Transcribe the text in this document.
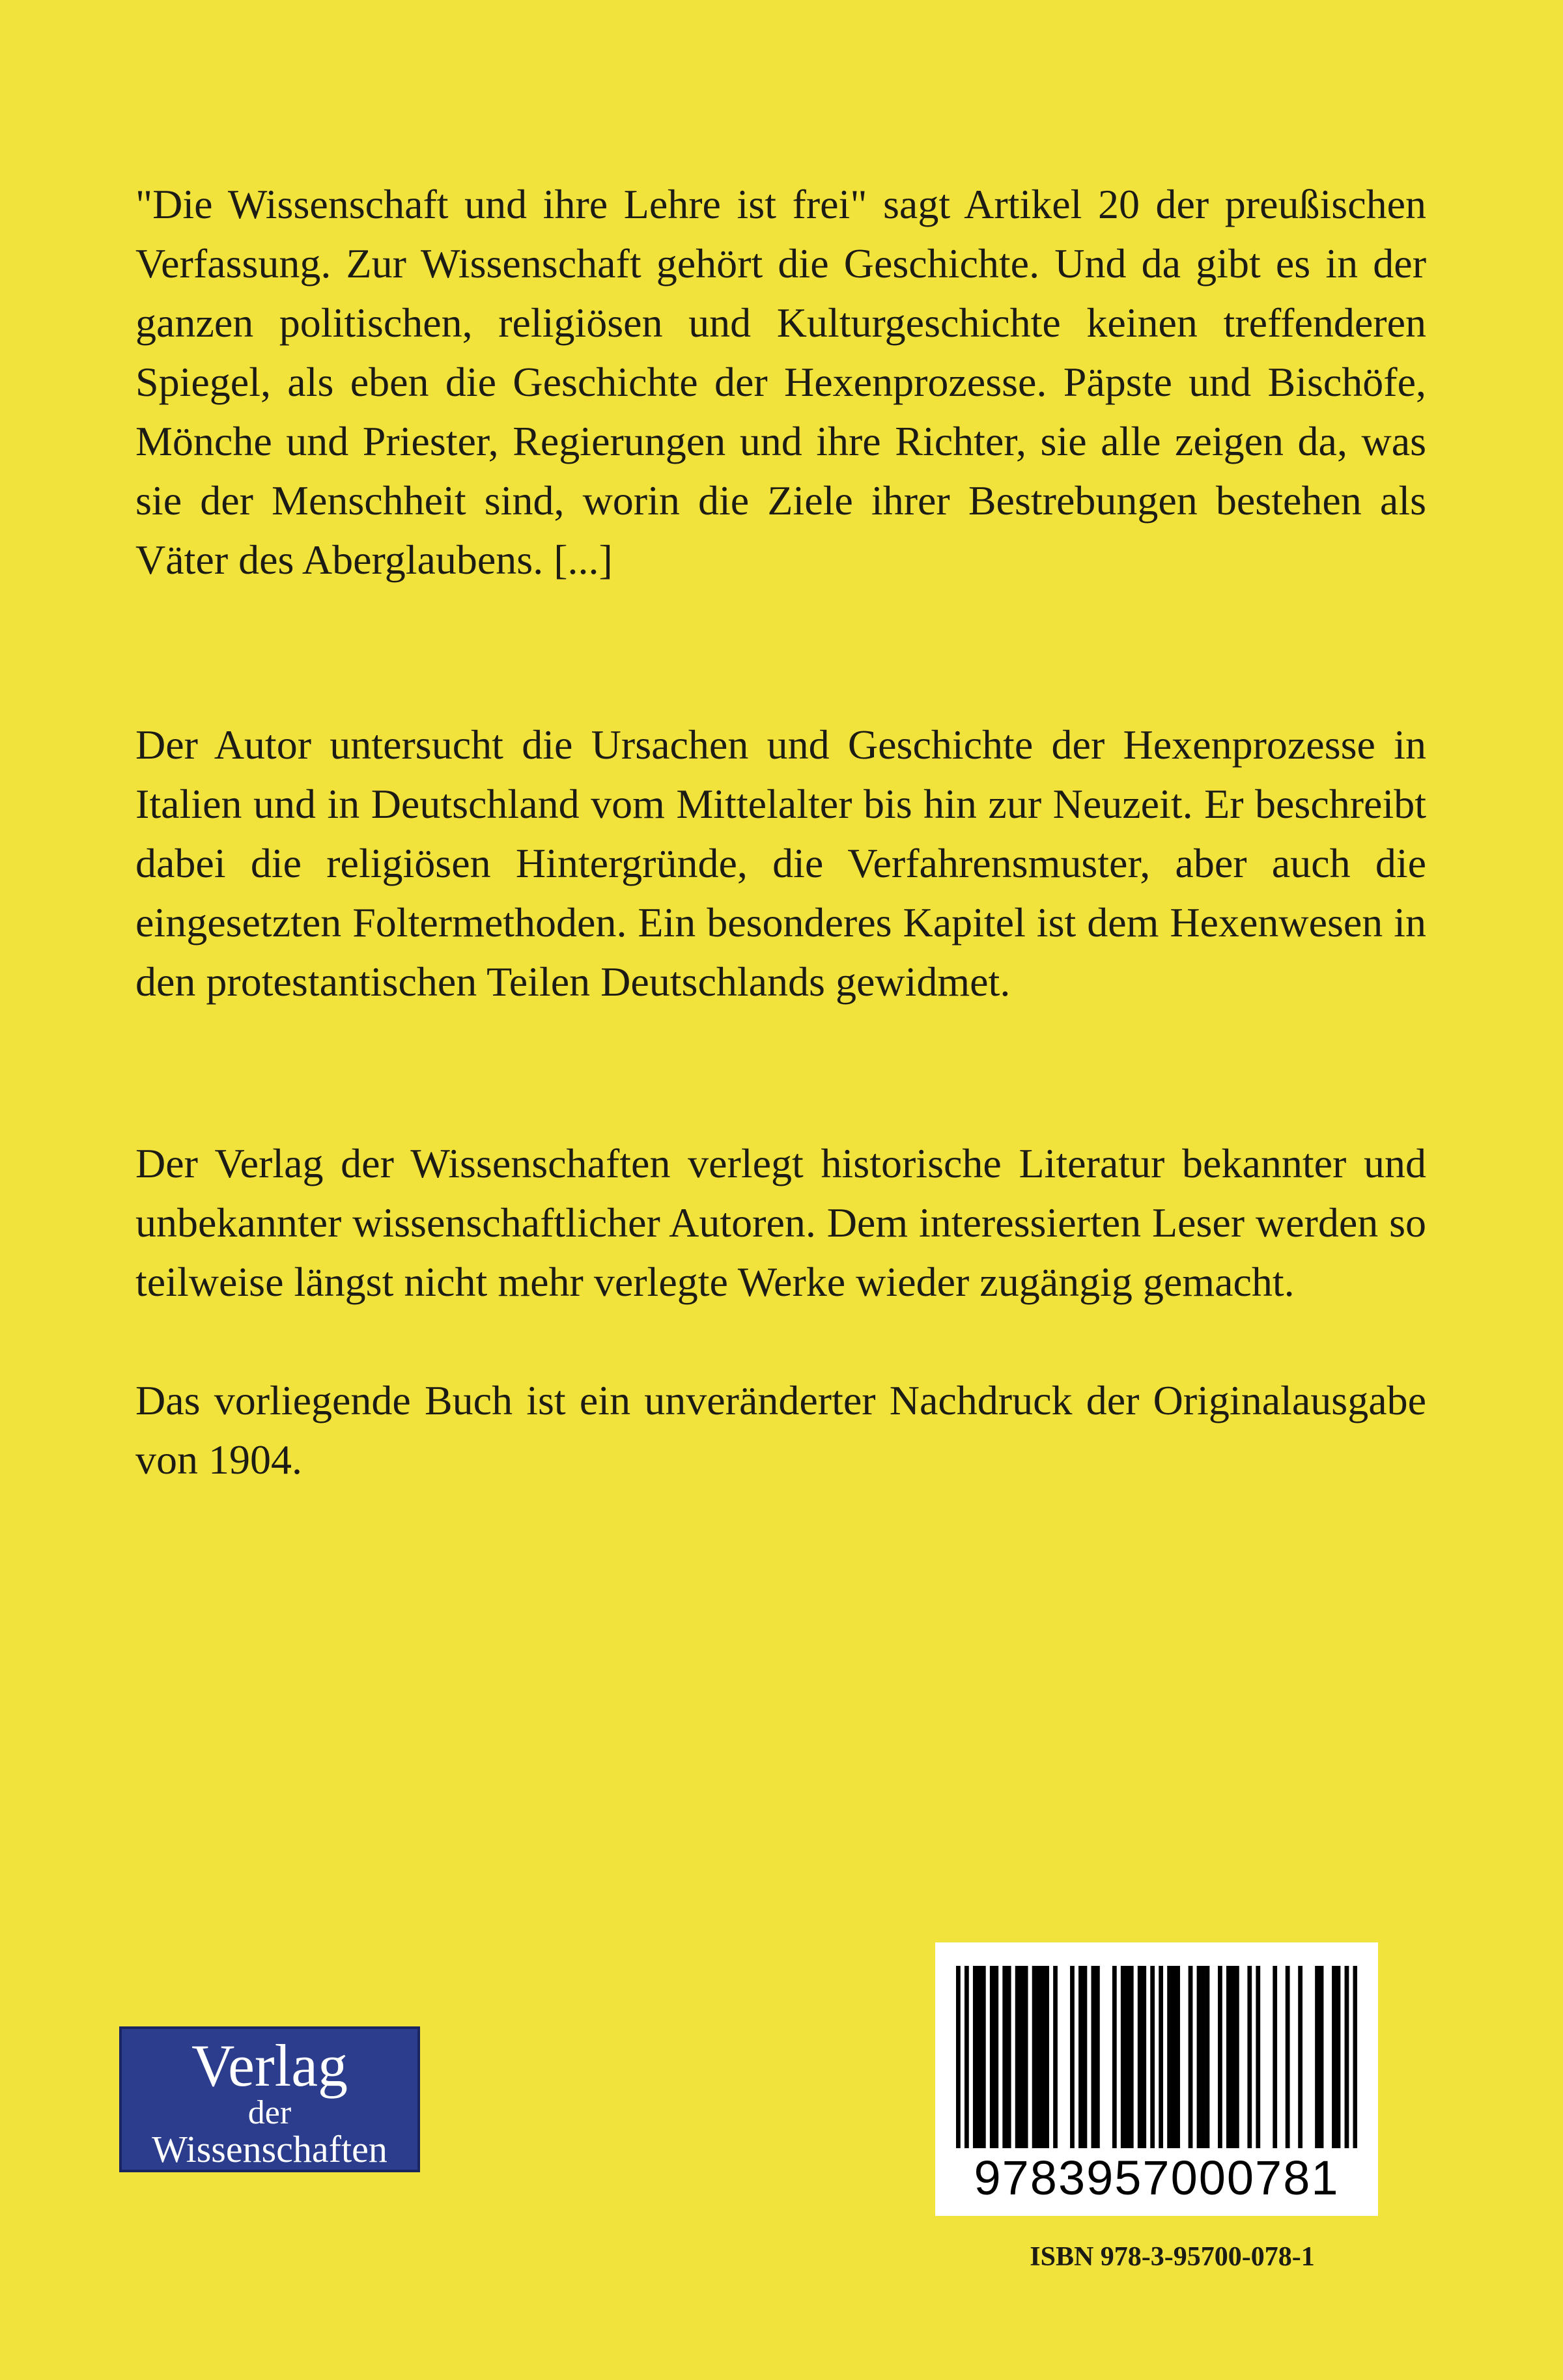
"Die Wissenschaft und ihre Lehre ist frei" sagt Artikel 20 der preußischen Verfassung. Zur Wissenschaft gehört die Geschichte. Und da gibt es in der ganzen politischen, religiösen und Kulturgeschichte keinen treffenderen Spiegel, als eben die Geschichte der Hexenprozesse. Päpste und Bischöfe, Mönche und Priester, Regierungen und ihre Richter, sie alle zeigen da, was sie der Menschheit sind, worin die Ziele ihrer Bestrebungen bestehen als Väter des Aberglaubens. [...]

Der Autor untersucht die Ursachen und Geschichte der Hexenprozesse in Italien und in Deutschland vom Mittelalter bis hin zur Neuzeit. Er beschreibt dabei die religiösen Hintergründe, die Verfahrensmuster, aber auch die eingesetzten Foltermethoden. Ein besonderes Kapitel ist dem Hexenwesen in den protestantischen Teilen Deutschlands gewidmet.

Der Verlag der Wissenschaften verlegt historische Literatur bekannter und unbekannter wissenschaftlicher Autoren. Dem interessierten Leser werden so teilweise längst nicht mehr verlegte Werke wieder zugängig gemacht.

Das vorliegende Buch ist ein unveränderter Nachdruck der Originalausgabe von 1904.

Verlag
der
Wissenschaften
9783957000781
ISBN 978-3-95700-078-1
